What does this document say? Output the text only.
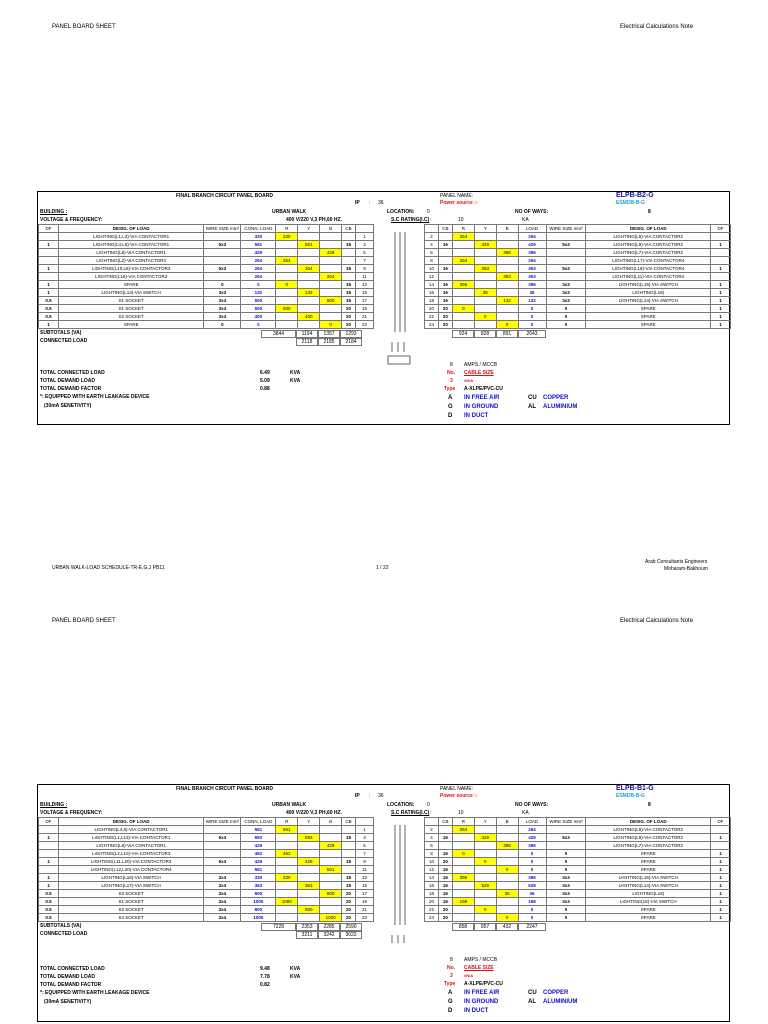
PANEL BOARD SHEET	Electrical Calculations Note
FINAL BRANCH CIRCUIT PANEL BOARD	PANEL NAME:	ELPB-B2-G
IP : 36	Power source :-	ESMDB-B-G
BUILDING :	URBAN WALK	LOCATION:	0	NO OF WAYS:	8
VOLTAGE & FREQUENCY:	400 V/220 V,3 PH,60 HZ.	S.C RATING(I.C) :	10	KA
DF	DESIG. OF LOAD	WIRE SIZE mm²	CONN. LOAD	R	Y	B	CB	
	LIGHTING(L1,L3)-VIA CONTACTOR1		330	330				1
1	LIGHTING(L4,L5)-VIA CONTACTOR1	5x3	561		561		16	3
	LIGHTING(L8)-VIA CONTACTOR1		429			429		5
	LIGHTING(L2)-VIA CONTACTOR3		264	264				7
1	LIGHTING(L10,L6)-VIA CONTACTOR3	5x3	264		264		16	9
	LIGHTING(L16)-VIA CONTACTOR3		264			264		11
1	SPARE	0	0	0			16	13
1	LIGHTING(L13)-VIA SWITCH	3x3	132		132		16	15
0.5	S1 SOCKET	3x4	600			600	16	17
0.5	S1 SOCKET	3x4	600	600			20	19
0.5	S2 SOCKET	3x4	400		400		20	21
1	SPARE	0	0			0	20	23
	CB	R	Y	B	LOAD	WIRE SIZE mm²	DESIG. OF LOAD	DF
2		264			264		LIGHTING(L6)-VIA CONTACTOR2	
4	16		429		429	5x3	LIGHTING(L9)-VIA CONTACTOR2	1
6				396	396		LIGHTING(L7)-VIA CONTACTOR2	
8		264			264		LIGHTING(L17)-VIA CONTACTOR4	
10	16		363		363	5x3	LIGHTING(L18)-VIA CONTACTOR4	1
12				363	363		LIGHTING(L11)-VIA CONTACTOR4	
14	16	396			396	3x3	LIGHTING(L15)-VIA SWITCH	1
16	16		36		36	3x3	LIGHTING(L18)	1
18	16			132	132	3x3	LIGHTING(L14)-VIA SWITCH	1
20	20	0			0	0	SPARE	1
22	20		0		0	0	SPARE	1
24	20			0	0	0	SPARE	1
SUBTOTALS (VA)	3844	1194	1357	1293	924	828	891	2643
CONNECTED LOAD	2118	2185	2184
TOTAL CONNECTED LOAD	6.49	KVA
TOTAL DEMAND LOAD	5.09	KVA
TOTAL DEMAND FACTOR	0.88
*: EQUIPPED WITH EARTH LEAKAGE DEVICE
(30mA SENETIVITY)
8 AMPS / MCCB
No. CABLE SIZE
3	#N/A
Type A-XLPE/PVC-CU
A IN FREE AIR	CU COPPER
G IN GROUND	AL ALUMINIUM
D IN DUCT
URBAN WALK-LOAD SCHEDULE-TR-E,G,J PB11	1 / 22
Arab Consultants Engineers
Moharam-Bakhoum
PANEL BOARD SHEET	Electrical Calculations Note
FINAL BRANCH CIRCUIT PANEL BOARD	PANEL NAME:	ELPB-B1-G
IP : 36	Power source :-	ESMDB-B-G
BUILDING :	URBAN WALK	LOCATION:	0	NO OF WAYS:	8
VOLTAGE & FREQUENCY:	400 V/220 V,3 PH,60 HZ.	S.C RATING(I.C) :	10	KA
DF	DESIG. OF LOAD	WIRE SIZE mm²	CONN. LOAD	R	Y	B	CB	
	LIGHTING(L4,5)-VIA CONTACTOR1		561	561				1
1	LIGHTING(L1,L13)-VIA CONTACTOR1	5x3	693		693		16	3
	LIGHTING(L8)-VIA CONTACTOR1		429			429		5
	LIGHTING(L2,L10)-VIA CONTACTOR3		462	462				7
1	LIGHTING(L11,L20)-VIA CONTACTOR3	5x3	429		429		16	9
	LIGHTING(L12,L20)-VIA CONTACTOR4		561			561		11
1	LIGHTING(L16)-VIA SWITCH	3x3	330	330			16	13
1	LIGHTING(L17)-VIA SWITCH	3x3	363		363		16	15
0.5	S3 SOCKET	3x4	600			600	20	17
0.5	S1 SOCKET	3x4	1000	1000			20	19
0.5	S2 SOCKET	3x4	800		800		20	21
0.5	S4 SOCKET	3x4	1000			1000	20	23
	CB	R	Y	B	LOAD	WIRE SIZE mm²	DESIG. OF LOAD	DF
2		264			264		LIGHTING(L6)-VIA CONTACTOR2	
4	16		429		429	5x3	LIGHTING(L9)-VIA CONTACTOR2	1
6				396	396		LIGHTING(L7)-VIA CONTACTOR2	
8	16	0			0	0	SPARE	1
10	20		0		0	0	SPARE	1
12	16			0	0	0	SPARE	1
14	16	396			396	3x3	LIGHTING(L15)-VIA SWITCH	1
16	16		528		528	3x3	LIGHTING(L14)-VIA SWITCH	1
18	16			36	36	3x3	LIGHTING(L18)	1
20	16	198			198	3x3	LIGHTING(19)-VIA SWITCH	1
22	20		0		0	0	SPARE	1
24	20			0	0	0	SPARE	1
SUBTOTALS (VA)	7228	2353	2285	2590	858	957	432	2247
CONNECTED LOAD	3211	3242	3022
TOTAL CONNECTED LOAD	9.48	KVA
TOTAL DEMAND LOAD	7.78	KVA
TOTAL DEMAND FACTOR	0.82
*: EQUIPPED WITH EARTH LEAKAGE DEVICE
(30mA SENETIVITY)
8 AMPS / MCCB
No. CABLE SIZE
3	#N/A
Type A-XLPE/PVC-CU
A IN FREE AIR	CU COPPER
G IN GROUND	AL ALUMINIUM
D IN DUCT
